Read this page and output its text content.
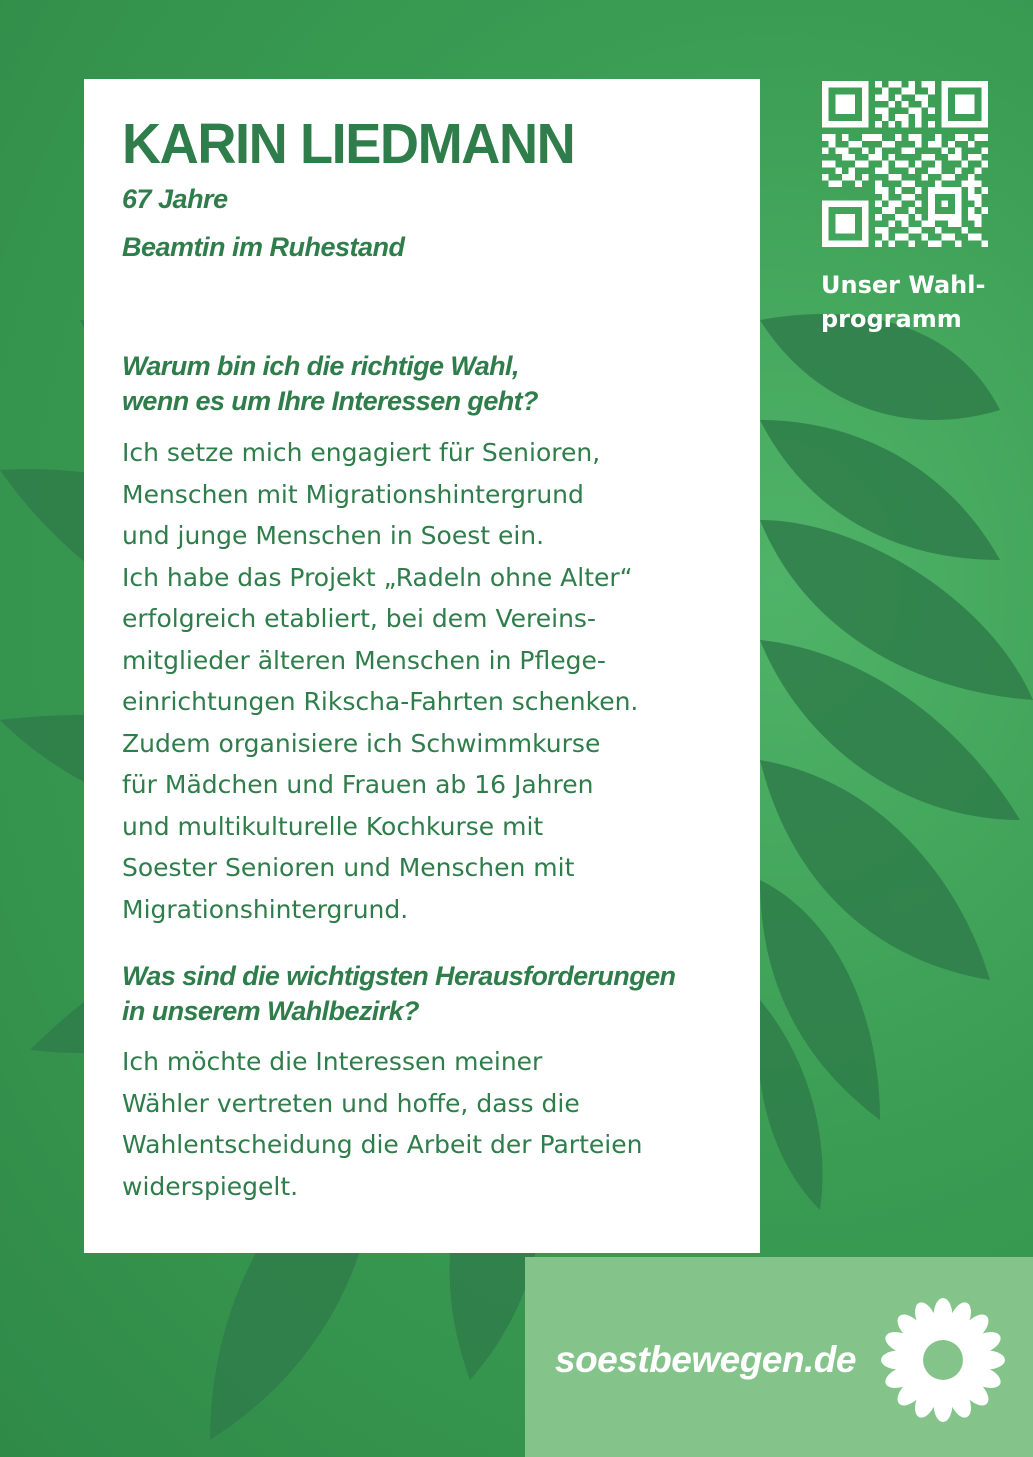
KARIN LIEDMANN

67 Jahre

Beamtin im Ruhestand

Warum bin ich die richtige Wahl,
wenn es um Ihre Interessen geht?
Ich setze mich engagiert für Senioren,
Menschen mit Migrationshintergrund
und junge Menschen in Soest ein.
Ich habe das Projekt „Radeln ohne Alter“
erfolgreich etabliert, bei dem Vereins-
mitglieder älteren Menschen in Pflege-
einrichtungen Rikscha-Fahrten schenken.
Zudem organisiere ich Schwimmkurse
für Mädchen und Frauen ab 16 Jahren
und multikulturelle Kochkurse mit
Soester Senioren und Menschen mit
Migrationshintergrund.
Was sind die wichtigsten Herausforderungen
in unserem Wahlbezirk?
Ich möchte die Interessen meiner
Wähler vertreten und hoffe, dass die
Wahlentscheidung die Arbeit der Parteien
widerspiegelt.

Unser Wahl-
programm

soestbewegen.de
